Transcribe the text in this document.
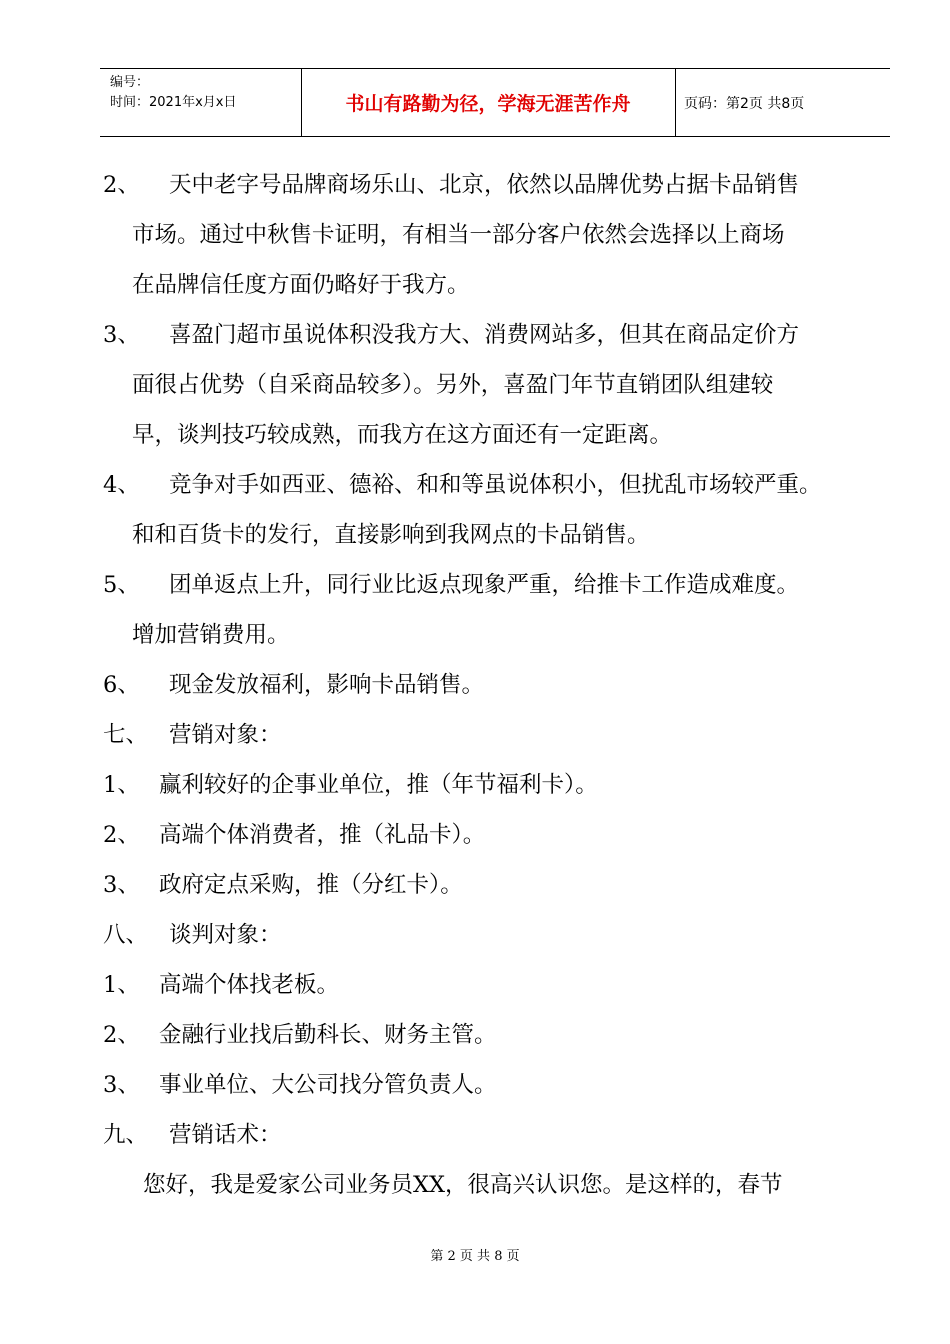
编号：
时间：2021年x月x日	书山有路勤为径，学海无涯苦作舟	页码：第2页 共8页
2、 天中老字号品牌商场乐山、北京，依然以品牌优势占据卡品销售
市场。通过中秋售卡证明，有相当一部分客户依然会选择以上商场
在品牌信任度方面仍略好于我方。
3、 喜盈门超市虽说体积没我方大、消费网站多，但其在商品定价方
面很占优势（自采商品较多）。另外，喜盈门年节直销团队组建较
早，谈判技巧较成熟，而我方在这方面还有一定距离。
4、 竞争对手如西亚、德裕、和和等虽说体积小，但扰乱市场较严重。
和和百货卡的发行，直接影响到我网点的卡品销售。
5、 团单返点上升，同行业比返点现象严重，给推卡工作造成难度。
增加营销费用。
6、 现金发放福利，影响卡品销售。
七、 营销对象：
1、 赢利较好的企事业单位，推（年节福利卡）。
2、 高端个体消费者，推（礼品卡）。
3、 政府定点采购，推（分红卡）。
八、 谈判对象：
1、 高端个体找老板。
2、 金融行业找后勤科长、财务主管。
3、 事业单位、大公司找分管负责人。
九、 营销话术：
您好，我是爱家公司业务员XX，很高兴认识您。是这样的，春节
第 2 页 共 8 页
